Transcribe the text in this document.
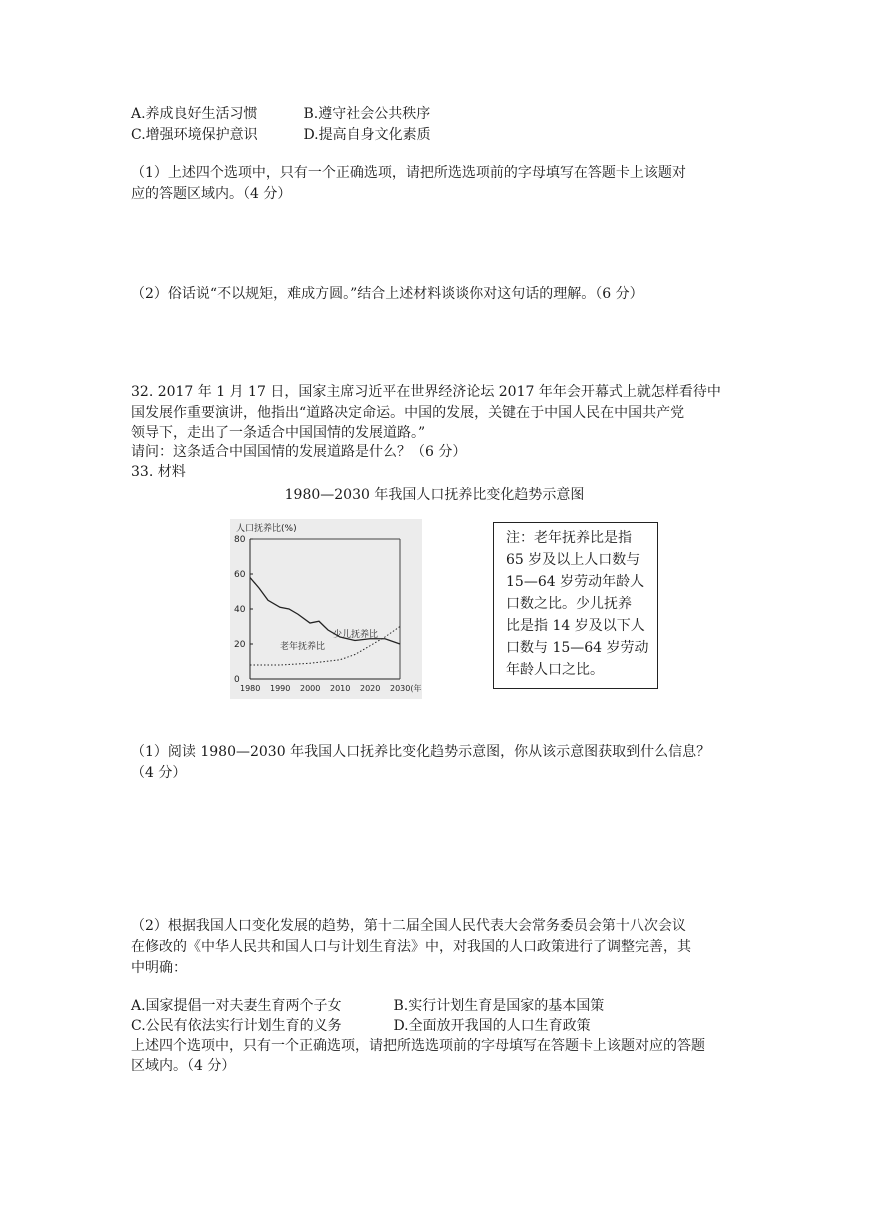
A.养成良好生活习惯	B.遵守社会公共秩序
C.增强环境保护意识	D.提高自身文化素质
（1）上述四个选项中，只有一个正确选项，请把所选选项前的字母填写在答题卡上该题对
应的答题区域内。（4 分）
（2）俗话说“不以规矩，难成方圆。”结合上述材料谈谈你对这句话的理解。（6 分）
32. 2017 年 1 月 17 日，国家主席习近平在世界经济论坛 2017 年年会开幕式上就怎样看待中
国发展作重要演讲，他指出“道路决定命运。中国的发展，关键在于中国人民在中国共产党
领导下，走出了一条适合中国国情的发展道路。”
请问：这条适合中国国情的发展道路是什么？（6 分）
33. 材料
1980—2030 年我国人口抚养比变化趋势示意图
人口抚养比(%)
80
60
40
20
0
1980 1990 2000 2010 2020 2030(年)
少儿抚养比
老年抚养比
注：老年抚养比是指
65 岁及以上人口数与
15—64 岁劳动年龄人
口数之比。少儿抚养
比是指 14 岁及以下人
口数与 15—64 岁劳动
年龄人口之比。
（1）阅读 1980—2030 年我国人口抚养比变化趋势示意图，你从该示意图获取到什么信息？
（4 分）
（2）根据我国人口变化发展的趋势，第十二届全国人民代表大会常务委员会第十八次会议
在修改的《中华人民共和国人口与计划生育法》中，对我国的人口政策进行了调整完善，其
中明确：
A.国家提倡一对夫妻生育两个子女	B.实行计划生育是国家的基本国策
C.公民有依法实行计划生育的义务	D.全面放开我国的人口生育政策
上述四个选项中，只有一个正确选项，请把所选选项前的字母填写在答题卡上该题对应的答题
区域内。（4 分）
